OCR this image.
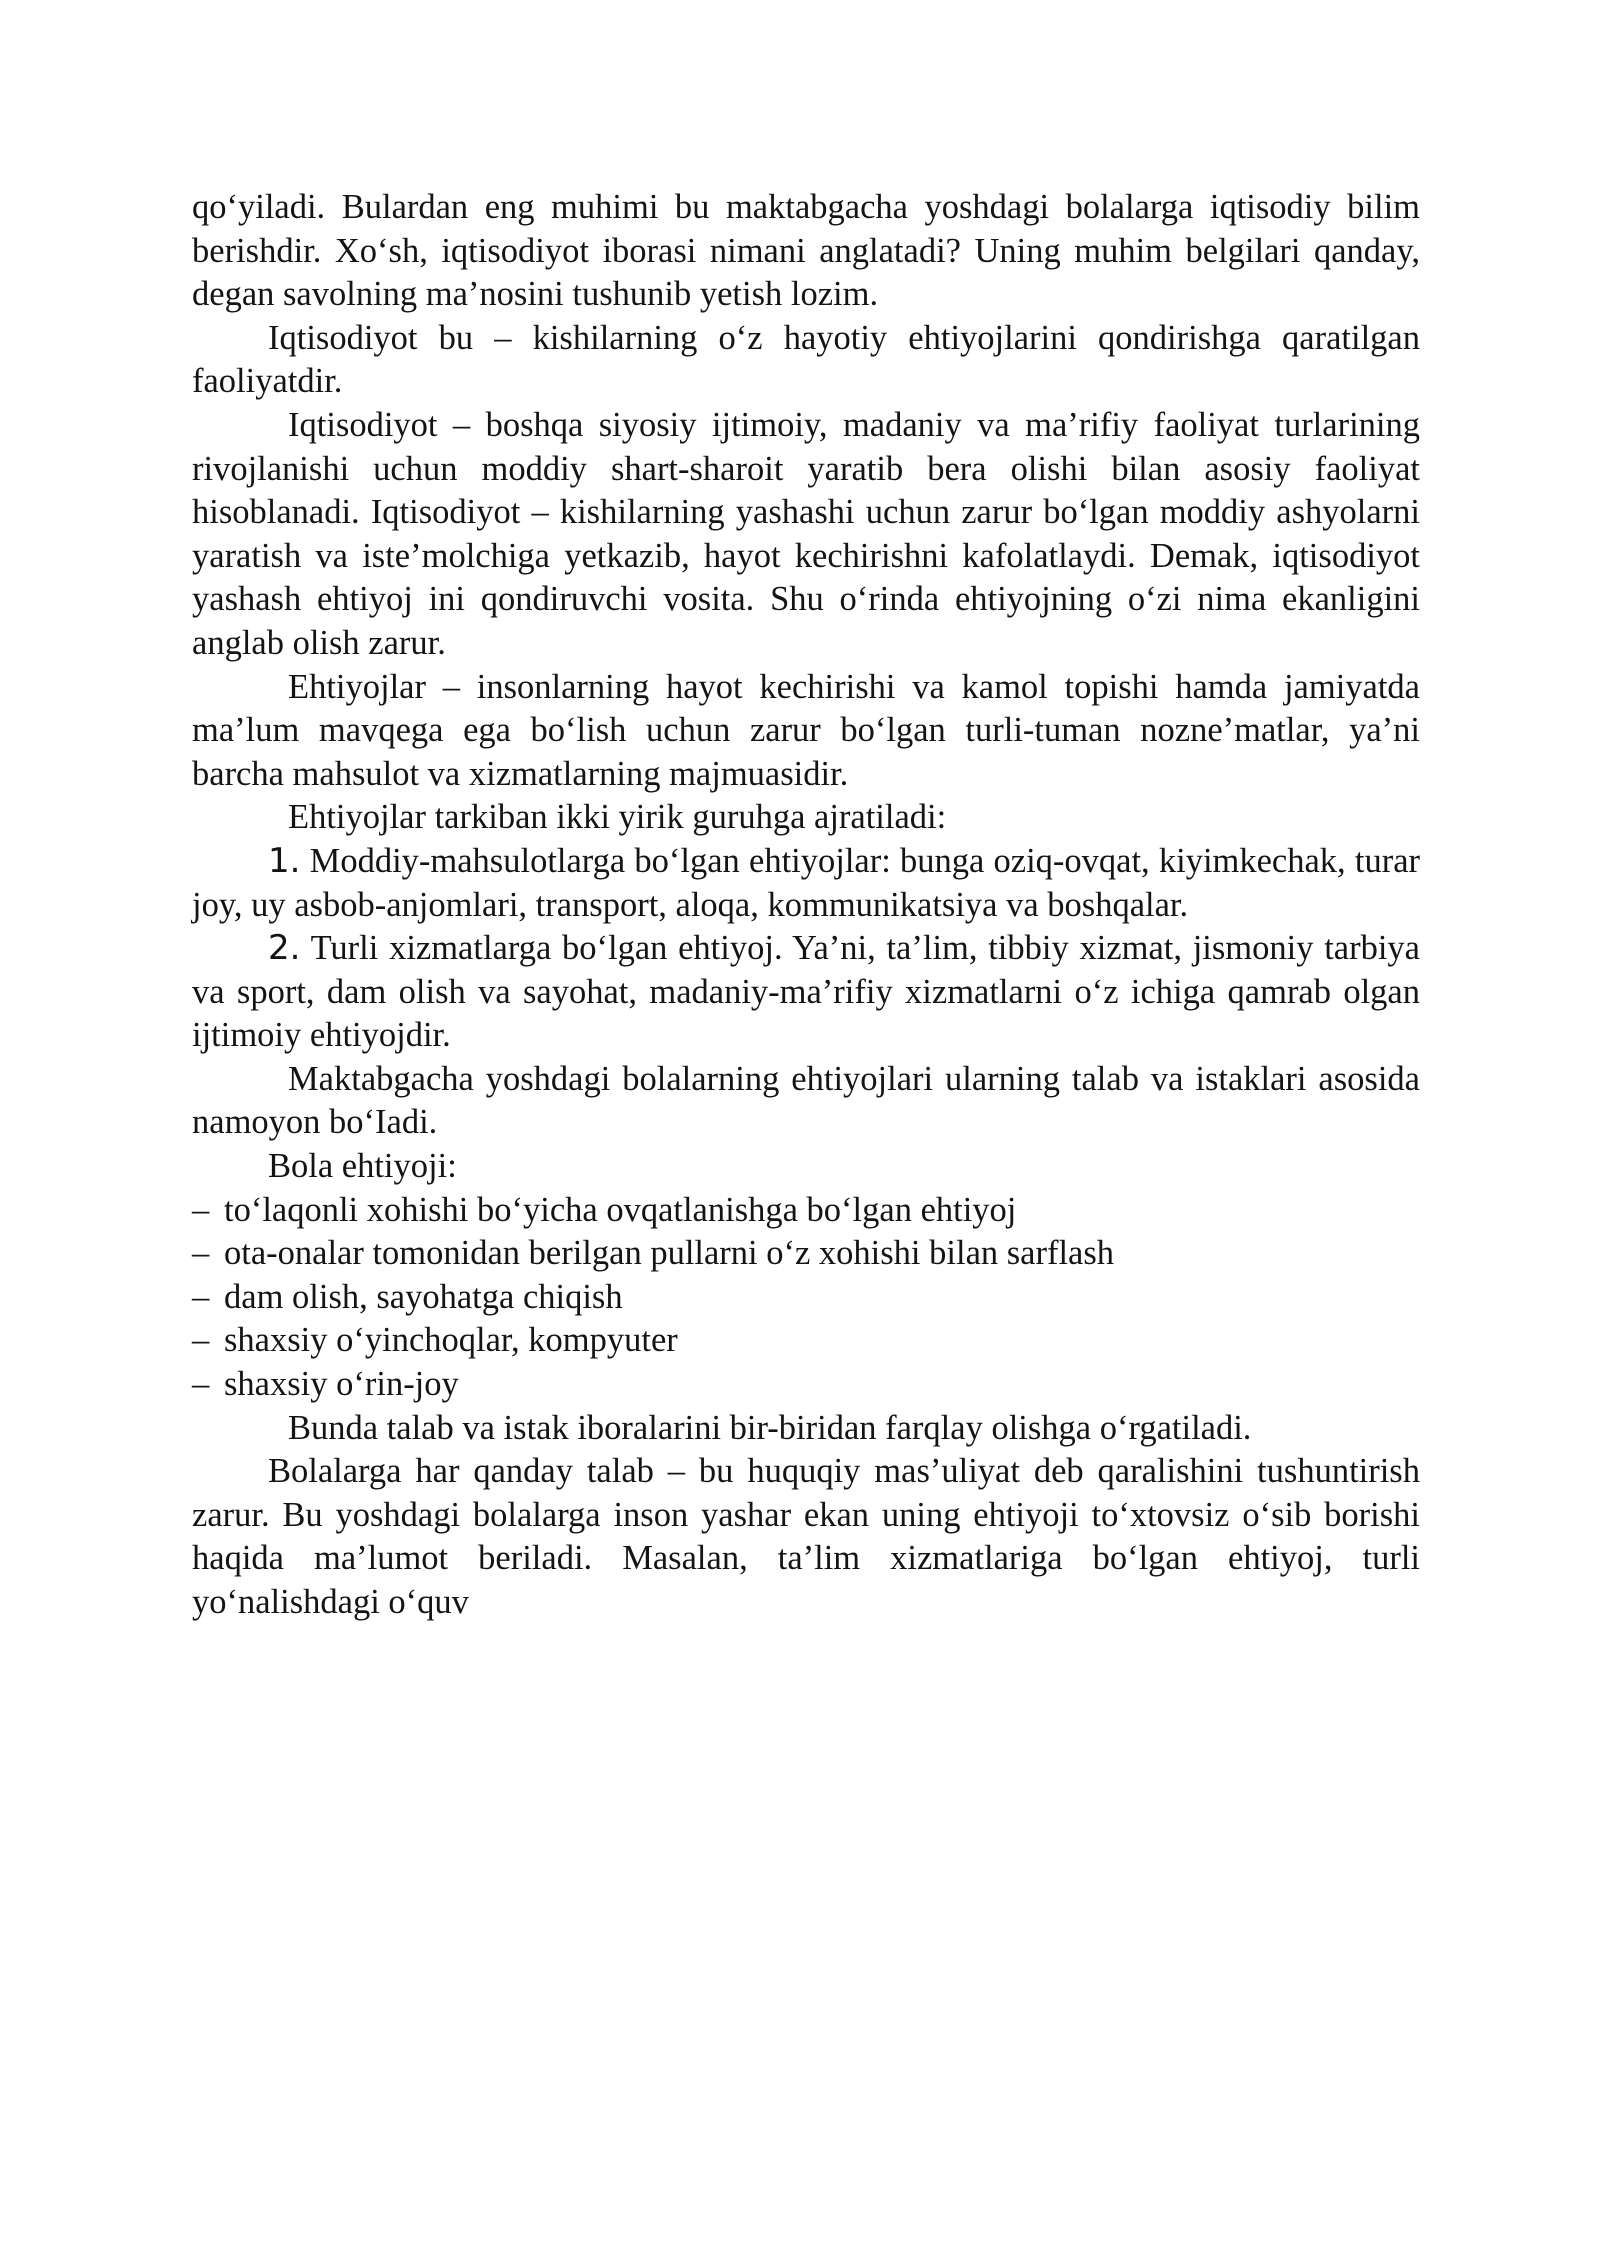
qo‘yiladi. Bulardan eng muhimi bu maktabgacha yoshdagi bolalarga iqtisodiy bilim berishdir. Xo‘sh, iqtisodiyot iborasi nimani anglatadi? Uning muhim belgilari qanday, degan savolning ma’nosini tushunib yetish lozim.

Iqtisodiyot bu – kishilarning o‘z hayotiy ehtiyojlarini qondirishga qaratilgan faoliyatdir.

Iqtisodiyot – boshqa siyosiy ijtimoiy, madaniy va ma’rifiy faoliyat turlarining rivojlanishi uchun moddiy shart-sharoit yaratib bera olishi bilan asosiy faoliyat hisoblanadi. Iqtisodiyot – kishilarning yashashi uchun zarur bo‘lgan moddiy ashyolarni yaratish va iste’molchiga yetkazib, hayot kechirishni kafolatlaydi. Demak, iqtisodiyot yashash ehtiyoj ini qondiruvchi vosita. Shu o‘rinda ehtiyojning o‘zi nima ekanligini anglab olish zarur.

Ehtiyojlar – insonlarning hayot kechirishi va kamol topishi hamda jamiyatda ma’lum mavqega ega bo‘lish uchun zarur bo‘lgan turli-tuman nozne’matlar, ya’ni barcha mahsulot va xizmatlarning majmuasidir.

Ehtiyojlar tarkiban ikki yirik guruhga ajratiladi:

1. Moddiy-mahsulotlarga bo‘lgan ehtiyojlar: bunga oziq-ovqat, kiyimkechak, turar joy, uy asbob-anjomlari, transport, aloqa, kommunikatsiya va boshqalar.

2. Turli xizmatlarga bo‘lgan ehtiyoj. Ya’ni, ta’lim, tibbiy xizmat, jismoniy tarbiya va sport, dam olish va sayohat, madaniy-ma’rifiy xizmatlarni o‘z ichiga qamrab olgan ijtimoiy ehtiyojdir.

Maktabgacha yoshdagi bolalarning ehtiyojlari ularning talab va istaklari asosida namoyon bo‘Iadi.

Bola ehtiyoji:

– to‘laqonli xohishi bo‘yicha ovqatlanishga bo‘lgan ehtiyoj
– ota-onalar tomonidan berilgan pullarni o‘z xohishi bilan sarflash
– dam olish, sayohatga chiqish
– shaxsiy o‘yinchoqlar, kompyuter
– shaxsiy o‘rin-joy

Bunda talab va istak iboralarini bir-biridan farqlay olishga o‘rgatiladi.

Bolalarga har qanday talab – bu huquqiy mas’uliyat deb qaralishini tushuntirish zarur. Bu yoshdagi bolalarga inson yashar ekan uning ehtiyoji to‘xtovsiz o‘sib borishi haqida ma’lumot beriladi. Masalan, ta’lim xizmatlariga bo‘lgan ehtiyoj, turli yo‘nalishdagi o‘quv
